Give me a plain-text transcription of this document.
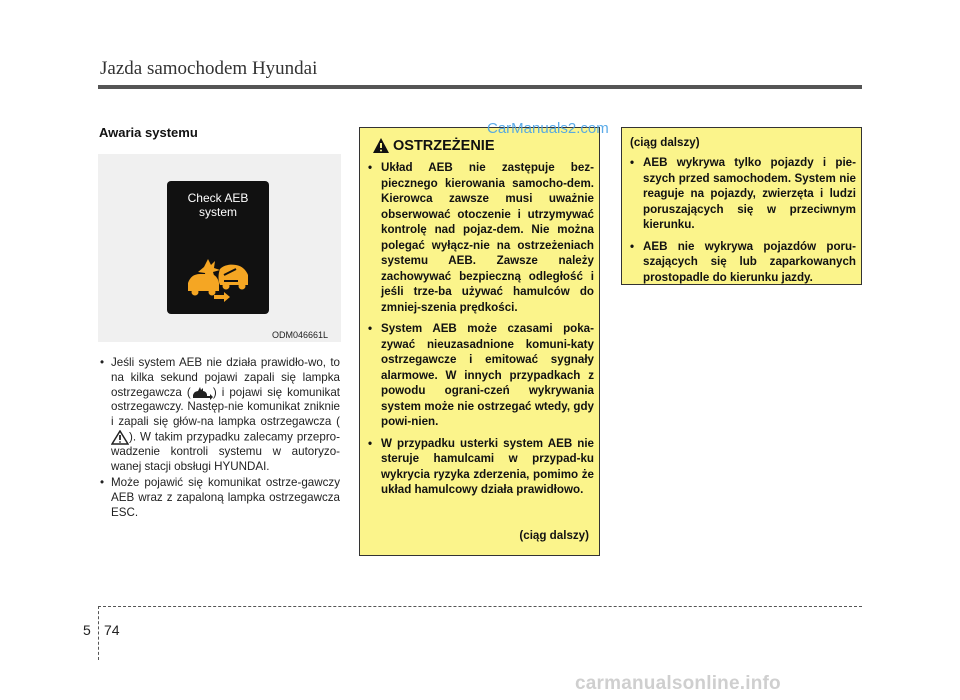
Jazda samochodem Hyundai
Awaria systemu
Check AEB
system
ODM046661L
• Jeśli system AEB nie działa prawidło-wo, to na kilka sekund pojawi zapali się lampka ostrzegawcza ( ) i pojawi się komunikat ostrzegawczy. Następ-nie komunikat zniknie i zapali się głów-na lampka ostrzegawcza (). W takim przypadku zalecamy przepro-wadzenie kontroli systemu w autoryzo-wanej stacji obsługi HYUNDAI.
• Może pojawić się komunikat ostrze-gawczy AEB wraz z zapaloną lampka ostrzegawcza ESC.
OSTRZEŻENIE
• Układ AEB nie zastępuje bez-piecznego kierowania samocho-dem. Kierowca zawsze musi uważnie obserwować otoczenie i utrzymywać kontrolę nad pojaz-dem. Nie można polegać wyłącz-nie na ostrzeżeniach systemu AEB. Zawsze należy zachowywać bezpieczną odległość i jeśli trze-ba używać hamulców do zmniej-szenia prędkości.
• System AEB może czasami poka-zywać nieuzasadnione komuni-katy ostrzegawcze i emitować sygnały alarmowe. W innych przypadkach z powodu ograni-czeń wykrywania system może nie ostrzegać wtedy, gdy powi-nien.
• W przypadku usterki system AEB nie steruje hamulcami w przypad-ku wykrycia ryzyka zderzenia, pomimo że układ hamulcowy działa prawidłowo.
(ciąg dalszy)
CarManuals2.com
(ciąg dalszy)
• AEB wykrywa tylko pojazdy i pie-szych przed samochodem. System nie reaguje na pojazdy, zwierzęta i ludzi poruszających się w przeciwnym kierunku.
• AEB nie wykrywa pojazdów poru-szających się lub zaparkowanych prostopadle do kierunku jazdy.
5 74
carmanualsonline.info
